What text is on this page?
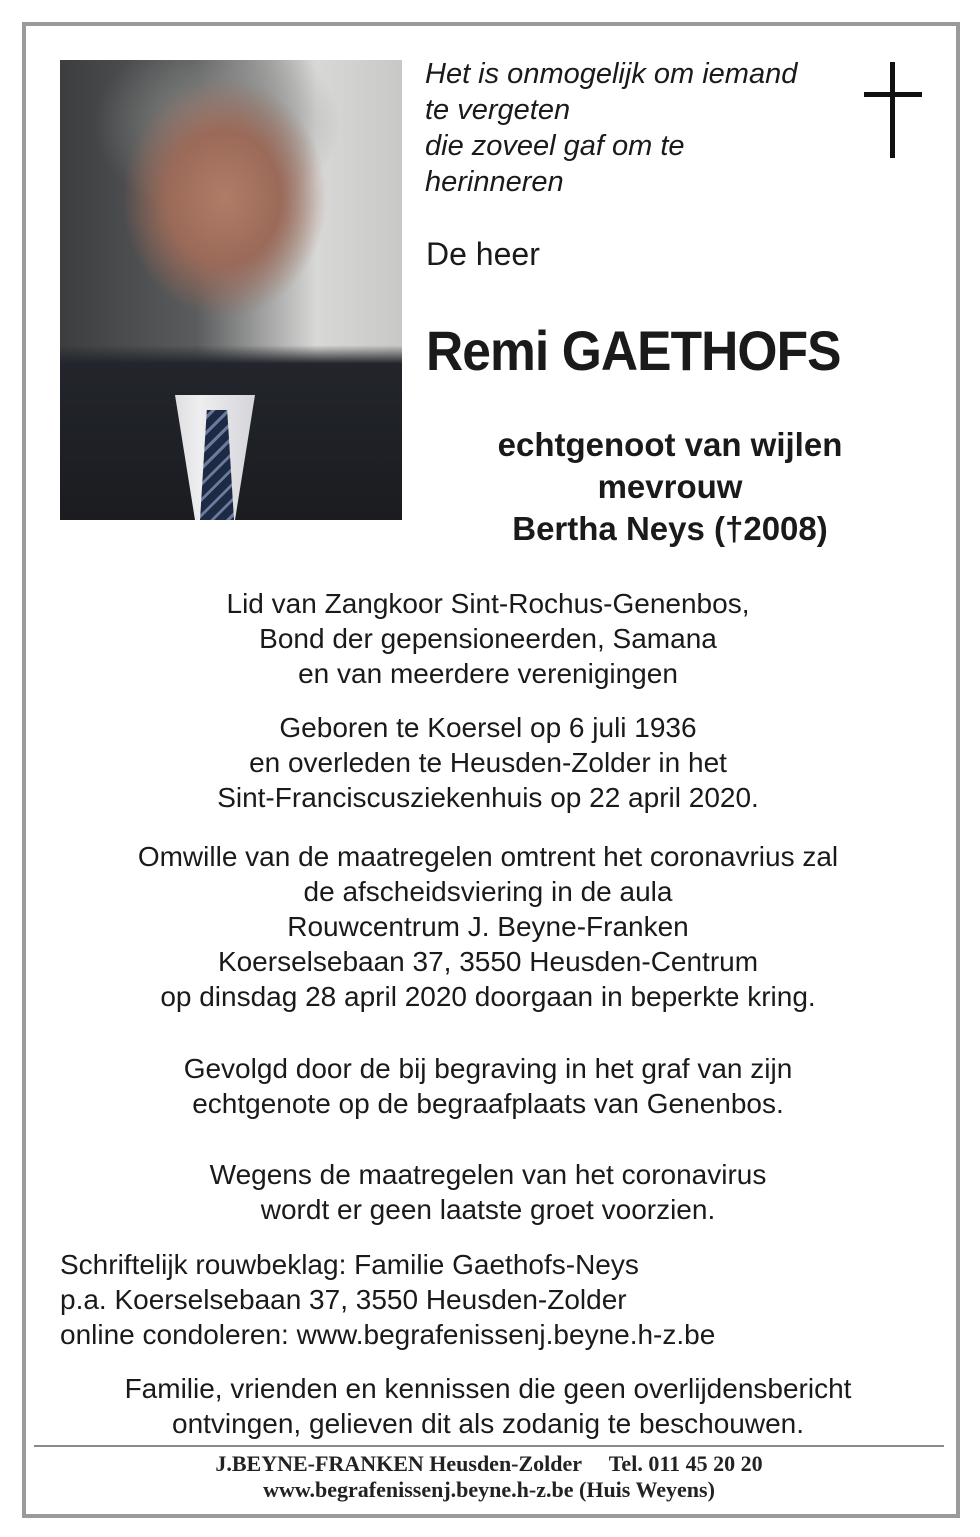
Het is onmogelijk om iemand
te vergeten
die zoveel gaf om te
herinneren
De heer
Remi GAETHOFS
echtgenoot van wijlen
mevrouw
Bertha Neys (†2008)
Lid van Zangkoor Sint-Rochus-Genenbos,
Bond der gepensioneerden, Samana
en van meerdere verenigingen
Geboren te Koersel op 6 juli 1936
en overleden te Heusden-Zolder in het
Sint-Franciscusziekenhuis op 22 april 2020.
Omwille van de maatregelen omtrent het coronavrius zal
de afscheidsviering in de aula
Rouwcentrum J. Beyne-Franken
Koerselsebaan 37, 3550 Heusden-Centrum
op dinsdag 28 april 2020 doorgaan in beperkte kring.
Gevolgd door de bij begraving in het graf van zijn
echtgenote op de begraafplaats van Genenbos.
Wegens de maatregelen van het coronavirus
wordt er geen laatste groet voorzien.
Schriftelijk rouwbeklag: Familie Gaethofs-Neys
p.a. Koerselsebaan 37, 3550 Heusden-Zolder
online condoleren: www.begrafenissenj.beyne.h-z.be
Familie, vrienden en kennissen die geen overlijdensbericht
ontvingen, gelieven dit als zodanig te beschouwen.
J.BEYNE-FRANKEN Heusden-Zolder Tel. 011 45 20 20
www.begrafenissenj.beyne.h-z.be (Huis Weyens)
